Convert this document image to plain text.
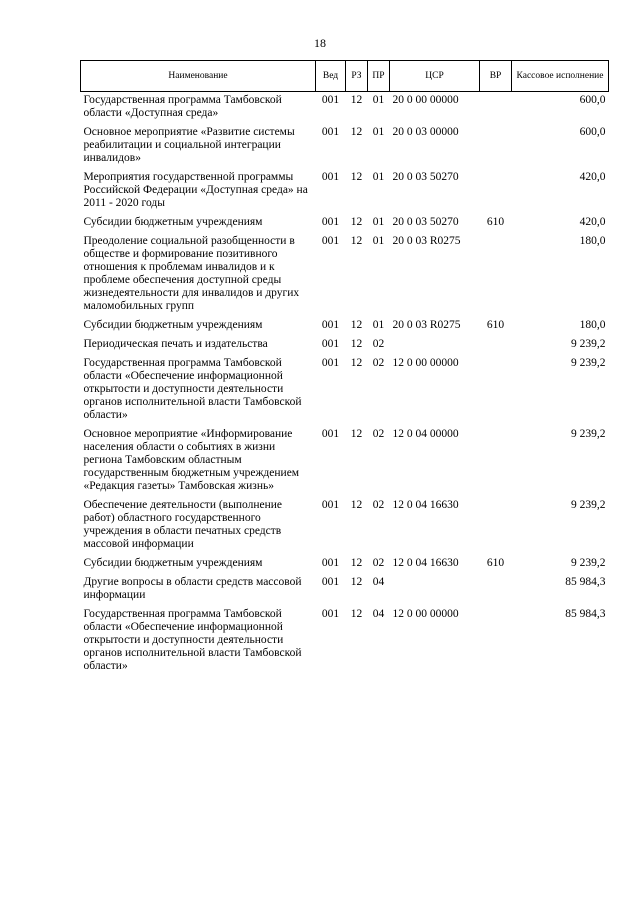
18
Наименование	Вед	РЗ	ПР	ЦСР	ВР	Кассовое исполнение
Государственная программа Тамбовской области «Доступная среда»	001	12	01	20 0 00 00000		600,0
Основное мероприятие «Развитие системы реабилитации и социальной интеграции инвалидов»	001	12	01	20 0 03 00000		600,0
Мероприятия государственной программы Российской Федерации «Доступная среда» на 2011 - 2020 годы	001	12	01	20 0 03 50270		420,0
Субсидии бюджетным учреждениям	001	12	01	20 0 03 50270	610	420,0
Преодоление социальной разобщенности в обществе и формирование позитивного отношения к проблемам инвалидов и к проблеме обеспечения доступной среды жизнедеятельности для инвалидов и других маломобильных групп	001	12	01	20 0 03 R0275		180,0
Субсидии бюджетным учреждениям	001	12	01	20 0 03 R0275	610	180,0
Периодическая печать и издательства	001	12	02			9 239,2
Государственная программа Тамбовской области «Обеспечение информационной открытости и доступности деятельности органов исполнительной власти Тамбовской области»	001	12	02	12 0 00 00000		9 239,2
Основное мероприятие «Информирование населения области о событиях в жизни региона Тамбовским областным государственным бюджетным учреждением «Редакция газеты» Тамбовская жизнь»	001	12	02	12 0 04 00000		9 239,2
Обеспечение деятельности (выполнение работ) областного государственного учреждения в области печатных средств массовой информации	001	12	02	12 0 04 16630		9 239,2
Субсидии бюджетным учреждениям	001	12	02	12 0 04 16630	610	9 239,2
Другие вопросы в области средств массовой информации	001	12	04			85 984,3
Государственная программа Тамбовской области «Обеспечение информационной открытости и доступности деятельности органов исполнительной власти Тамбовской области»	001	12	04	12 0 00 00000		85 984,3
